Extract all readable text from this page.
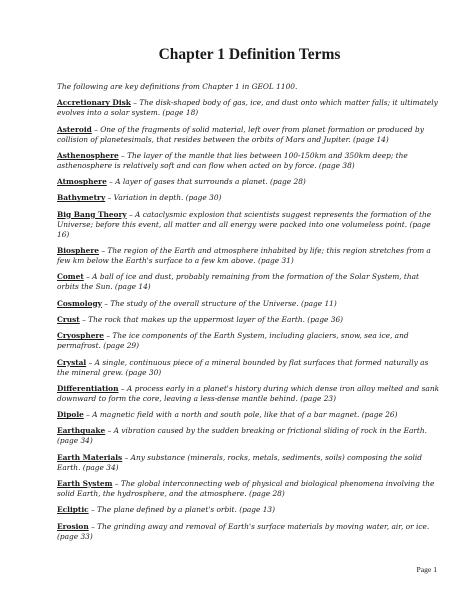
Chapter 1 Definition Terms

The following are key definitions from Chapter 1 in GEOL 1100.

Accretionary Disk – The disk-shaped body of gas, ice, and dust onto which matter falls; it ultimately evolves into a solar system. (page 18)

Asteroid – One of the fragments of solid material, left over from planet formation or produced by collision of planetesimals, that resides between the orbits of Mars and Jupiter. (page 14)

Asthenosphere – The layer of the mantle that lies between 100-150km and 350km deep; the asthenosphere is relatively soft and can flow when acted on by force. (page 38)

Atmosphere – A layer of gases that surrounds a planet. (page 28)

Bathymetry – Variation in depth. (page 30)

Big Bang Theory – A cataclysmic explosion that scientists suggest represents the formation of the Universe; before this event, all matter and all energy were packed into one volumeless point. (page 16)

Biosphere – The region of the Earth and atmosphere inhabited by life; this region stretches from a few km below the Earth's surface to a few km above. (page 31)

Comet – A ball of ice and dust, probably remaining from the formation of the Solar System, that orbits the Sun. (page 14)

Cosmology – The study of the overall structure of the Universe. (page 11)

Crust – The rock that makes up the uppermost layer of the Earth. (page 36)

Cryosphere – The ice components of the Earth System, including glaciers, snow, sea ice, and permafrost. (page 29)

Crystal – A single, continuous piece of a mineral bounded by flat surfaces that formed naturally as the mineral grew. (page 30)

Differentiation – A process early in a planet's history during which dense iron alloy melted and sank downward to form the core, leaving a less-dense mantle behind. (page 23)

Dipole – A magnetic field with a north and south pole, like that of a bar magnet. (page 26)

Earthquake – A vibration caused by the sudden breaking or frictional sliding of rock in the Earth. (page 34)

Earth Materials – Any substance (minerals, rocks, metals, sediments, soils) composing the solid Earth. (page 34)

Earth System – The global interconnecting web of physical and biological phenomena involving the solid Earth, the hydrosphere, and the atmosphere. (page 28)

Ecliptic – The plane defined by a planet's orbit. (page 13)

Erosion – The grinding away and removal of Earth's surface materials by moving water, air, or ice. (page 33)

Page 1
